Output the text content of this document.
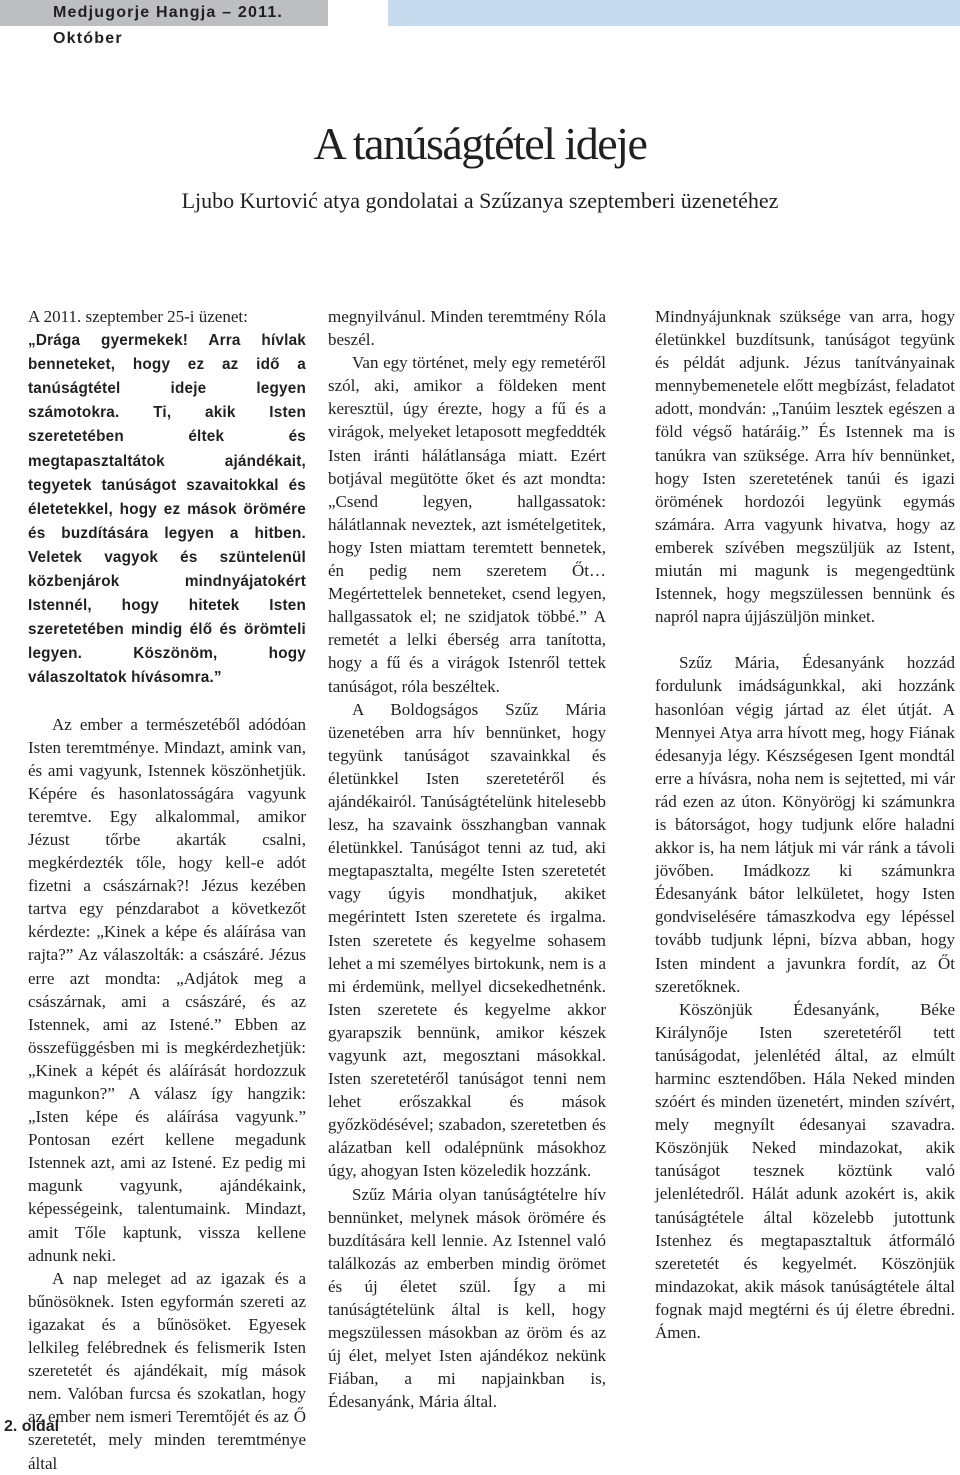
Medjugorje Hangja – 2011. Október
A tanúságtétel ideje
Ljubo Kurtović atya gondolatai a Szűzanya szeptemberi üzenetéhez

A 2011. szeptember 25-i üzenet:
„Drága gyermekek! Arra hívlak benneteket, hogy ez az idő a tanúságtétel ideje legyen számotokra. Ti, akik Isten szeretetében éltek és megtapasztaltátok ajándékait, tegyetek tanúságot szavaitokkal és életetekkel, hogy ez mások örömére és buzdítására legyen a hitben. Veletek vagyok és szüntelenül közbenjárok mindnyájatokért Istennél, hogy hitetek Isten szeretetében mindig élő és örömteli legyen. Köszönöm, hogy válaszoltatok hívásomra.”

Az ember a természetéből adódóan Isten teremtménye. Mindazt, amink van, és ami vagyunk, Istennek köszönhetjük. Képére és hasonlatosságára vagyunk teremtve. Egy alkalommal, amikor Jézust tőrbe akarták csalni, megkérdezték tőle, hogy kell-e adót fizetni a császárnak?! Jézus kezében tartva egy pénzdarabot a következőt kérdezte: „Kinek a képe és aláírása van rajta?” Az válaszolták: a császáré. Jézus erre azt mondta: „Adjátok meg a császárnak, ami a császáré, és az Istennek, ami az Istené.” Ebben az összefüggésben mi is megkérdezhetjük: „Kinek a képét és aláírását hordozzuk magunkon?” A válasz így hangzik: „Isten képe és aláírása vagyunk.” Pontosan ezért kellene megadunk Istennek azt, ami az Istené. Ez pedig mi magunk vagyunk, ajándékaink, képességeink, talentumaink. Mindazt, amit Tőle kaptunk, vissza kellene adnunk neki.

A nap meleget ad az igazak és a bűnösöknek. Isten egyformán szereti az igazakat és a bűnösöket. Egyesek lelkileg felébrednek és felismerik Isten szeretetét és ajándékait, míg mások nem. Valóban furcsa és szokatlan, hogy az ember nem ismeri Teremtőjét és az Ő szeretetét, mely minden teremtménye által

megnyilvánul. Minden teremtmény Róla beszél.

Van egy történet, mely egy remetéről szól, aki, amikor a földeken ment keresztül, úgy érezte, hogy a fű és a virágok, melyeket letaposott megfeddték Isten iránti hálátlansága miatt. Ezért botjával megütötte őket és azt mondta: „Csend legyen, hallgassatok: hálátlannak neveztek, azt ismételgetitek, hogy Isten miattam teremtett bennetek, én pedig nem szeretem Őt… Megértettelek benneteket, csend legyen, hallgassatok el; ne szidjatok többé.” A remetét a lelki éberség arra tanította, hogy a fű és a virágok Istenről tettek tanúságot, róla beszéltek.

A Boldogságos Szűz Mária üzenetében arra hív bennünket, hogy tegyünk tanúságot szavainkkal és életünkkel Isten szeretetéről és ajándékairól. Tanúságtételünk hitelesebb lesz, ha szavaink összhangban vannak életünkkel. Tanúságot tenni az tud, aki megtapasztalta, megélte Isten szeretetét vagy úgyis mondhatjuk, akiket megérintett Isten szeretete és irgalma. Isten szeretete és kegyelme sohasem lehet a mi személyes birtokunk, nem is a mi érdemünk, mellyel dicsekedhetnénk. Isten szeretete és kegyelme akkor gyarapszik bennünk, amikor készek vagyunk azt, megosztani másokkal. Isten szeretetéről tanúságot tenni nem lehet erőszakkal és mások győzködésével; szabadon, szeretetben és alázatban kell odalépnünk másokhoz úgy, ahogyan Isten közeledik hozzánk.

Szűz Mária olyan tanúságtételre hív bennünket, melynek mások örömére és buzdítására kell lennie. Az Istennel való találkozás az emberben mindig örömet és új életet szül. Így a mi tanúságtételünk által is kell, hogy megszülessen másokban az öröm és az új élet, melyet Isten ajándékoz nekünk Fiában, a mi napjainkban is, Édesanyánk, Mária által.

Mindnyájunknak szüksége van arra, hogy életünkkel buzdítsunk, tanúságot tegyünk és példát adjunk. Jézus tanítványainak mennybemenetele előtt megbízást, feladatot adott, mondván: „Tanúim lesztek egészen a föld végső határáig.” És Istennek ma is tanúkra van szüksége. Arra hív bennünket, hogy Isten szeretetének tanúi és igazi örömének hordozói legyünk egymás számára. Arra vagyunk hivatva, hogy az emberek szívében megszüljük az Istent, miután mi magunk is megengedtünk Istennek, hogy megszülessen bennünk és napról napra újjászüljön minket.

Szűz Mária, Édesanyánk hozzád fordulunk imádságunkkal, aki hozzánk hasonlóan végig jártad az élet útját. A Mennyei Atya arra hívott meg, hogy Fiának édesanyja légy. Készségesen Igent mondtál erre a hívásra, noha nem is sejtetted, mi vár rád ezen az úton. Könyörögj ki számunkra is bátorságot, hogy tudjunk előre haladni akkor is, ha nem látjuk mi vár ránk a távoli jövőben. Imádkozz ki számunkra Édesanyánk bátor lelkületet, hogy Isten gondviselésére támaszkodva egy lépéssel tovább tudjunk lépni, bízva abban, hogy Isten mindent a javunkra fordít, az Őt szeretőknek.

Köszönjük Édesanyánk, Béke Királynője Isten szeretetéről tett tanúságodat, jelenlétéd által, az elmúlt harminc esztendőben. Hála Neked minden szóért és minden üzenetért, minden szívért, mely megnyílt édesanyai szavadra. Köszönjük Neked mindazokat, akik tanúságot tesznek köztünk való jelenlétedről. Hálát adunk azokért is, akik tanúságtétele által közelebb jutottunk Istenhez és megtapasztaltuk átformáló szeretetét és kegyelmét. Köszönjük mindazokat, akik mások tanúságtétele által fognak majd megtérni és új életre ébredni. Ámen.

2. oldal
